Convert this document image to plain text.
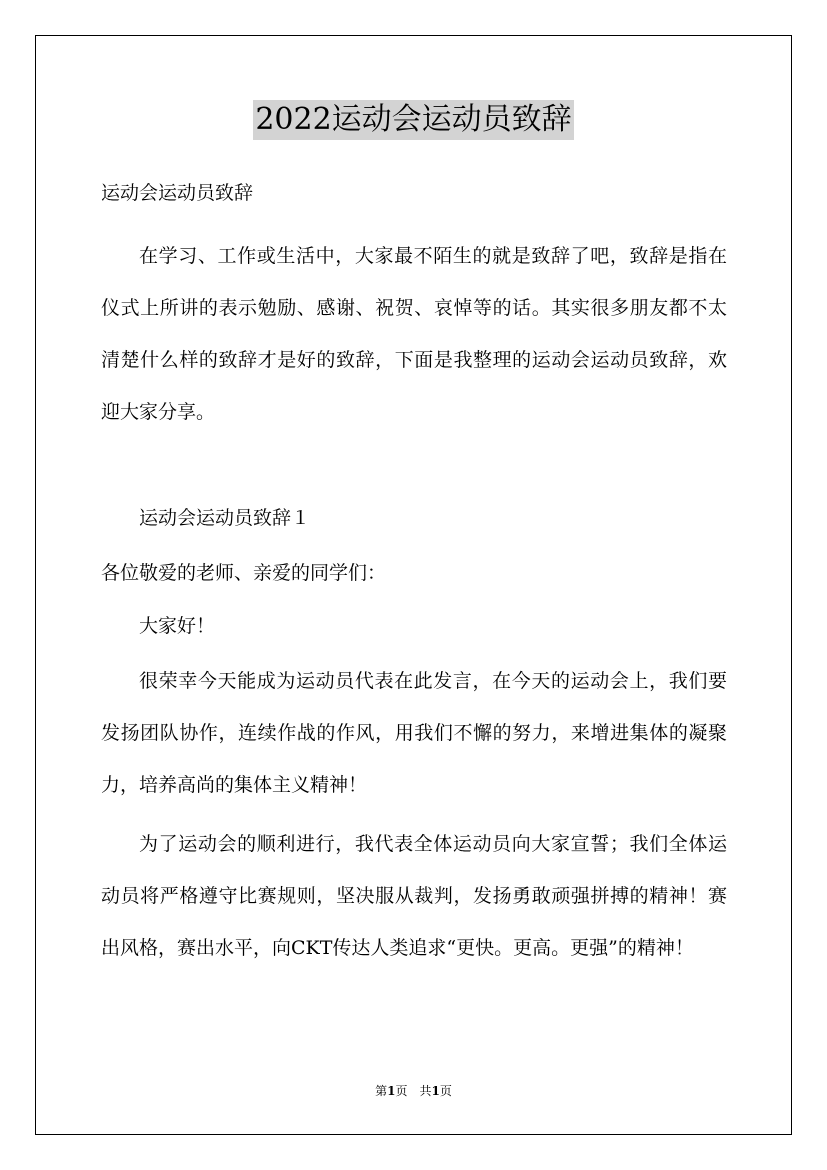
2022运动会运动员致辞

运动会运动员致辞

在学习、工作或生活中，大家最不陌生的就是致辞了吧，致辞是指在仪式上所讲的表示勉励、感谢、祝贺、哀悼等的话。其实很多朋友都不太清楚什么样的致辞才是好的致辞，下面是我整理的运动会运动员致辞，欢迎大家分享。

运动会运动员致辞１

各位敬爱的老师、亲爱的同学们：

大家好！

很荣幸今天能成为运动员代表在此发言，在今天的运动会上，我们要发扬团队协作，连续作战的作风，用我们不懈的努力，来增进集体的凝聚力，培养高尚的集体主义精神！

为了运动会的顺利进行，我代表全体运动员向大家宣誓；我们全体运动员将严格遵守比赛规则，坚决服从裁判，发扬勇敢顽强拼搏的精神！赛出风格，赛出水平，向CKT传达人类追求“更快。更高。更强”的精神！

第1页　共1页
